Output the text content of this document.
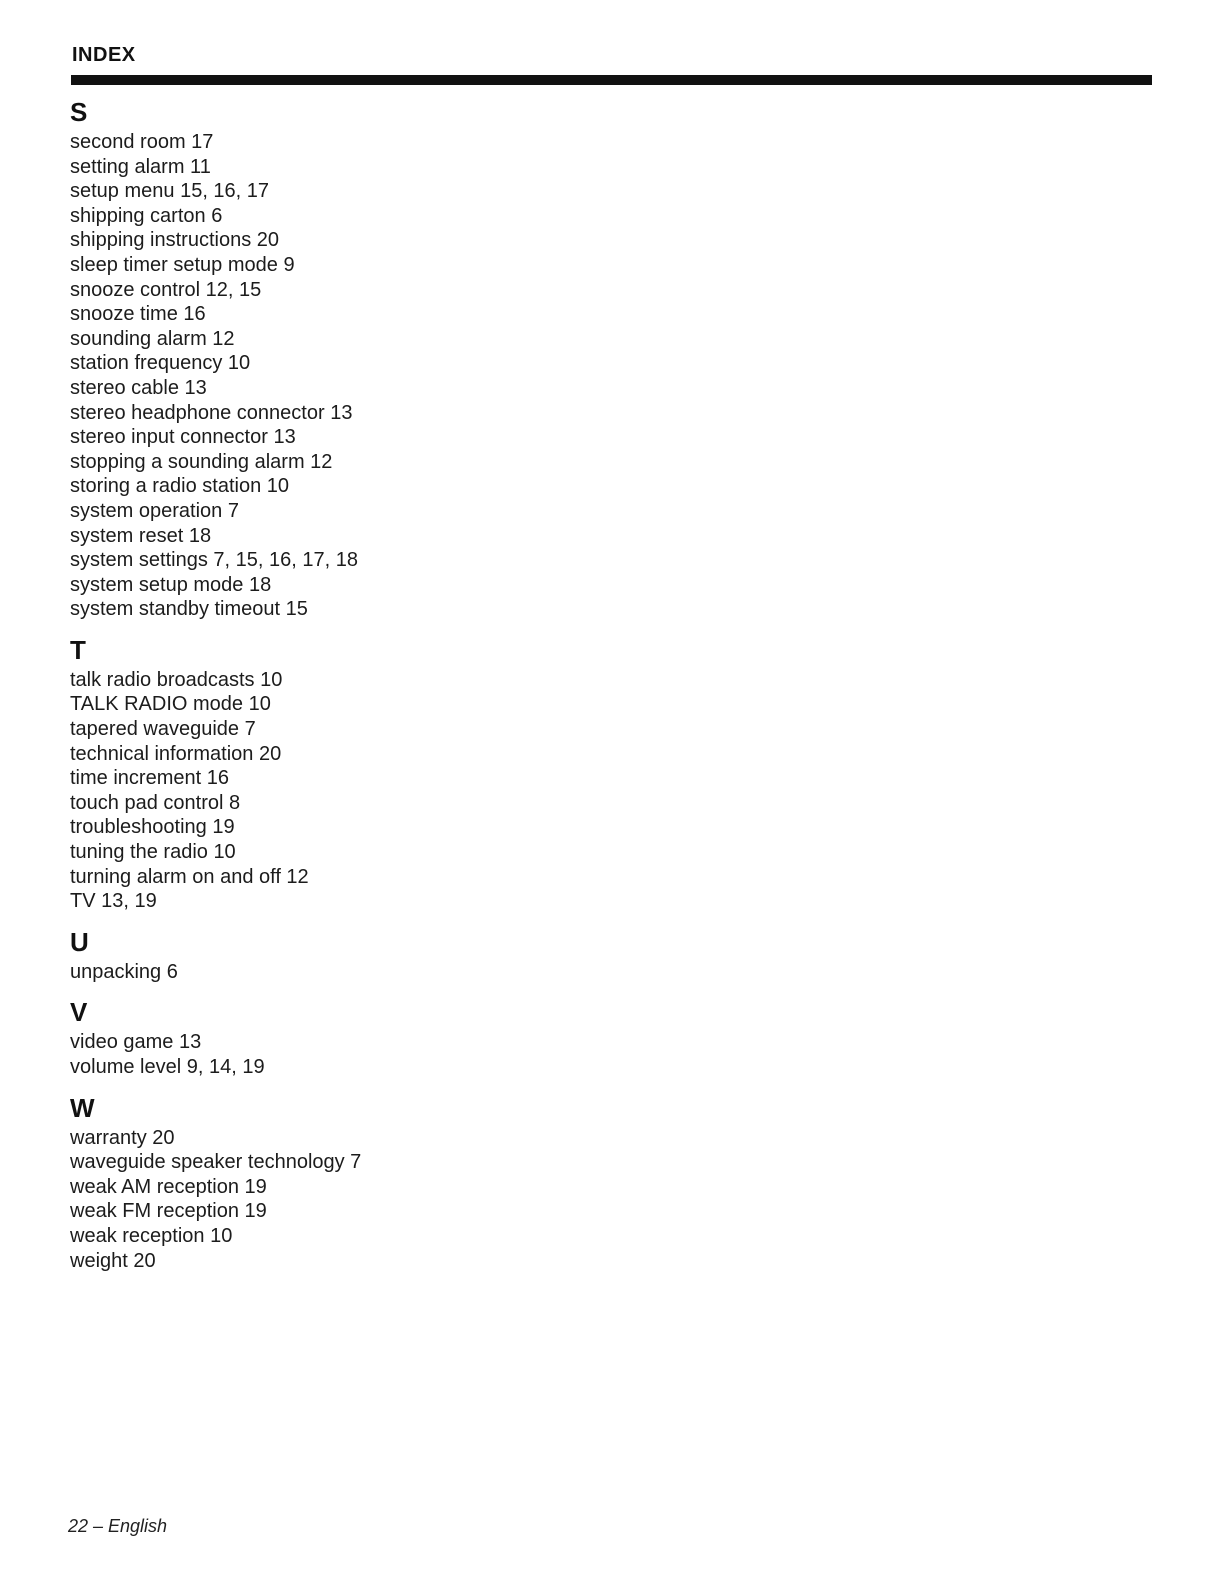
INDEX
S
second room 17
setting alarm 11
setup menu 15, 16, 17
shipping carton 6
shipping instructions 20
sleep timer setup mode 9
snooze control 12, 15
snooze time 16
sounding alarm 12
station frequency 10
stereo cable 13
stereo headphone connector 13
stereo input connector 13
stopping a sounding alarm 12
storing a radio station 10
system operation 7
system reset 18
system settings 7, 15, 16, 17, 18
system setup mode 18
system standby timeout 15
T
talk radio broadcasts 10
TALK RADIO mode 10
tapered waveguide 7
technical information 20
time increment 16
touch pad control 8
troubleshooting 19
tuning the radio 10
turning alarm on and off 12
TV 13, 19
U
unpacking 6
V
video game 13
volume level 9, 14, 19
W
warranty 20
waveguide speaker technology 7
weak AM reception 19
weak FM reception 19
weak reception 10
weight 20
22 – English
